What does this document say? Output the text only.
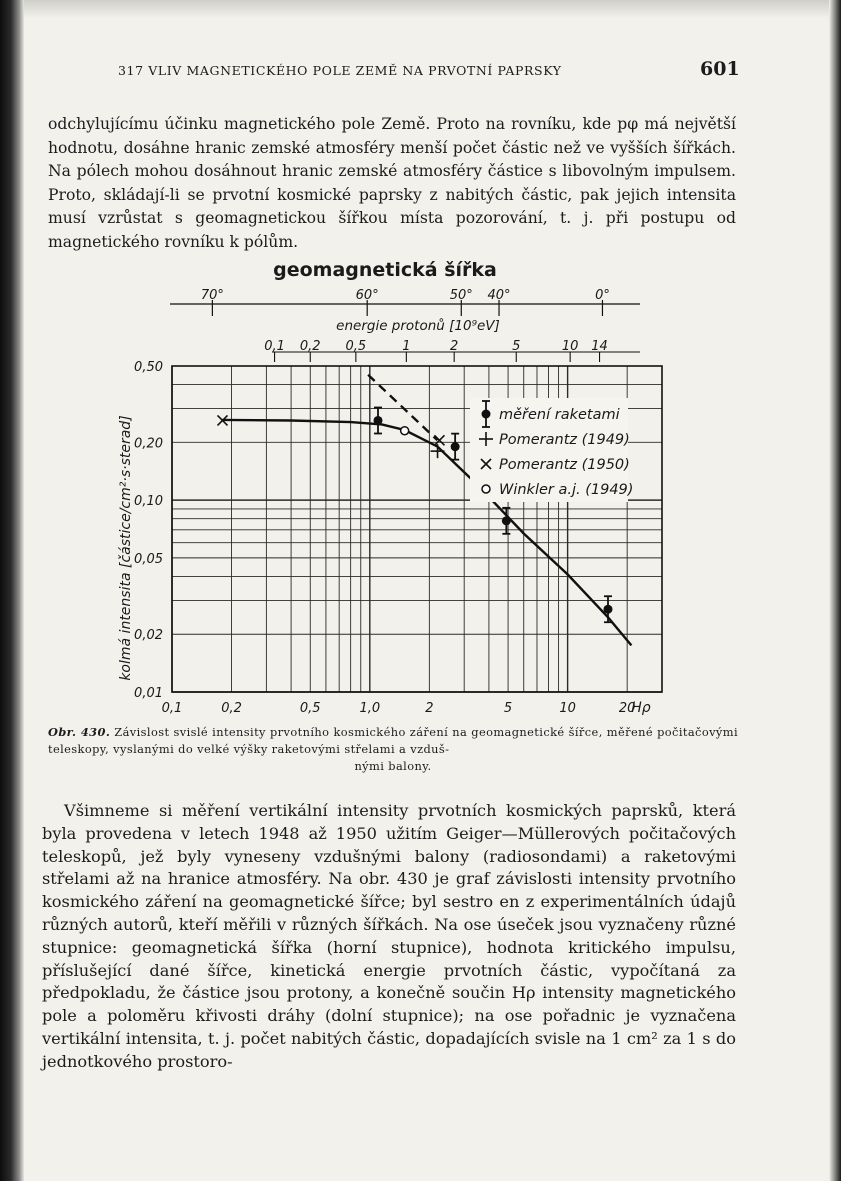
317 VLIV MAGNETICKÉHO POLE ZEMĚ NA PRVOTNÍ PAPRSKY	601

odchylujícímu účinku magnetického pole Země. Proto na rovníku, kde pφ má největší hodnotu, dosáhne hranic zemské atmosféry menší počet částic než ve vyšších šířkách. Na pólech mohou dosáhnout hranic zemské atmosféry částice s libovolným impulsem. Proto, skládají-li se prvotní kosmické paprsky z nabitých částic, pak jejich intensita musí vzrůstat s geomagnetickou šířkou místa pozorování, t. j. při postupu od magnetického rovníku k pólům.

geomagnetická šířka
70°	60°	50° 40°	0°
energie protonů [10⁹eV]
0,1 0,2 0,5	1	2	5	10 14
0,1	0,2	0,5	1,0	2	5	10	20
Hρ
0,50
0,20
0,10
0,05
0,02
0,01
kolmá intensita [částice/cm²·s·sterad]
měření raketami
Pomerantz (1949)
Pomerantz (1950)
Winkler a.j. (1949)
Obr. 430. Závislost svislé intensity prvotního kosmického záření na geomagnetické šířce, měřené počitačovými teleskopy, vyslanými do velké výšky raketovými střelami a vzduš-
nými balony.

Všimneme si měření vertikální intensity prvotních kosmických paprsků, která byla provedena v letech 1948 až 1950 užitím Geiger—Müllerových počitačových teleskopů, jež byly vyneseny vzdušnými balony (radiosondami) a raketovými střelami až na hranice atmosféry. Na obr. 430 je graf závislosti intensity prvotního kosmického záření na geomagnetické šířce; byl sestro en z experimentálních údajů různých autorů, kteří měřili v různých šířkách. Na ose úseček jsou vyznačeny různé stupnice: geomagnetická šířka (horní stupnice), hodnota kritického impulsu, příslušející dané šířce, kinetická energie prvotních částic, vypočítaná za předpokladu, že částice jsou protony, a konečně součin Hρ intensity magnetického pole a poloměru křivosti dráhy (dolní stupnice); na ose pořadnic je vyznačena vertikální intensita, t. j. počet nabitých částic, dopadajících svisle na 1 cm² za 1 s do jednotkového prostoro-
